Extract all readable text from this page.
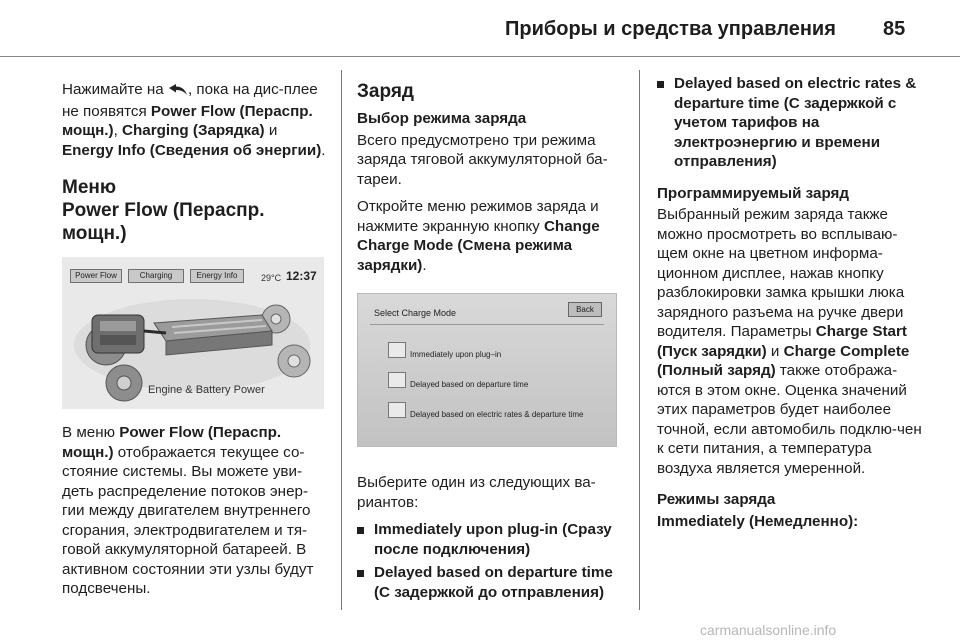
Приборы и средства управления 85

Нажимайте на , пока на дис-плее не появятся Power Flow (Перaспр. мощн.), Charging (Зарядка) и Energy Info (Сведения об энергии).

Меню
Power Flow (Перaспр. мощн.)
Power Flow	Charging	Energy Info	29°C 12:37
Engine & Battery Power

В меню Power Flow (Перaспр. мощн.) отображается текущее со-стояние системы. Вы можете уви-деть распределение потоков энер-гии между двигателем внутреннего сгорания, электродвигателем и тя-говой аккумуляторной батареей. В активном состоянии эти узлы будут подсвечены.

Заряд
Выбор режима заряда

Всего предусмотрено три режима заряда тяговой аккумуляторной ба-тареи.

Откройте меню режимов заряда и нажмите экранную кнопку Change Charge Mode (Смена режима зарядки).

Select Charge Mode	Back
Immediately upon plug–in
Delayed based on departure time
Delayed based on electric rates & departure time

Выберите один из следующих ва-риантов:

Immediately upon plug-in (Сразу после подключения)
Delayed based on departure time (С задержкой до отправления)
Delayed based on electric rates & departure time (С задержкой с учетом тарифов на электроэнергию и времени отправления)
Программируемый заряд

Выбранный режим заряда также можно просмотреть во всплываю-щем окне на цветном информа-ционном дисплее, нажав кнопку разблокировки замка крышки люка зарядного разъема на ручке двери водителя. Параметры Charge Start (Пуск зарядки) и Charge Complete (Полный заряд) также отобража-ются в этом окне. Оценка значений этих параметров будет наиболее точной, если автомобиль подклю-чен к сети питания, а температура воздуха является умеренной.

Режимы заряда
Immediately (Немедленно):
carmanualsonline.info
